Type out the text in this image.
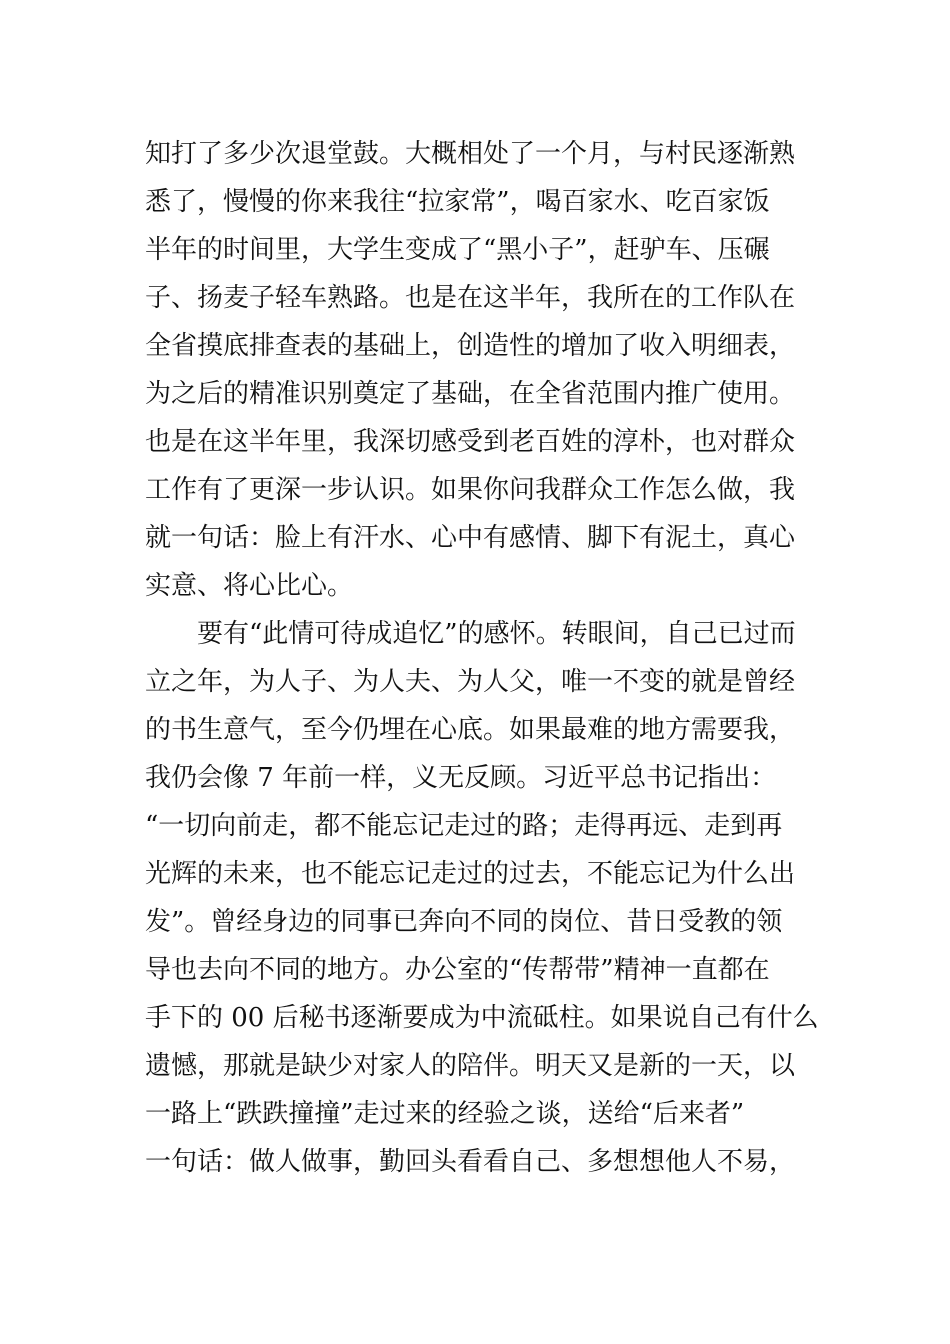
知打了多少次退堂鼓。大概相处了一个月，与村民逐渐熟
悉了，慢慢的你来我往“拉家常”，喝百家水、吃百家饭
半年的时间里，大学生变成了“黑小子”，赶驴车、压碾
子、扬麦子轻车熟路。也是在这半年，我所在的工作队在
全省摸底排查表的基础上，创造性的增加了收入明细表，
为之后的精准识别奠定了基础，在全省范围内推广使用。
也是在这半年里，我深切感受到老百姓的淳朴，也对群众
工作有了更深一步认识。如果你问我群众工作怎么做，我
就一句话：脸上有汗水、心中有感情、脚下有泥土，真心
实意、将心比心。
　　要有“此情可待成追忆”的感怀。转眼间，自己已过而
立之年，为人子、为人夫、为人父，唯一不变的就是曾经
的书生意气，至今仍埋在心底。如果最难的地方需要我，
我仍会像 7 年前一样，义无反顾。习近平总书记指出：
“一切向前走，都不能忘记走过的路；走得再远、走到再
光辉的未来，也不能忘记走过的过去，不能忘记为什么出
发”。曾经身边的同事已奔向不同的岗位、昔日受教的领
导也去向不同的地方。办公室的“传帮带”精神一直都在
手下的 00 后秘书逐渐要成为中流砥柱。如果说自己有什么
遗憾，那就是缺少对家人的陪伴。明天又是新的一天，以
一路上“跌跌撞撞”走过来的经验之谈，送给“后来者”
一句话：做人做事，勤回头看看自己、多想想他人不易，
